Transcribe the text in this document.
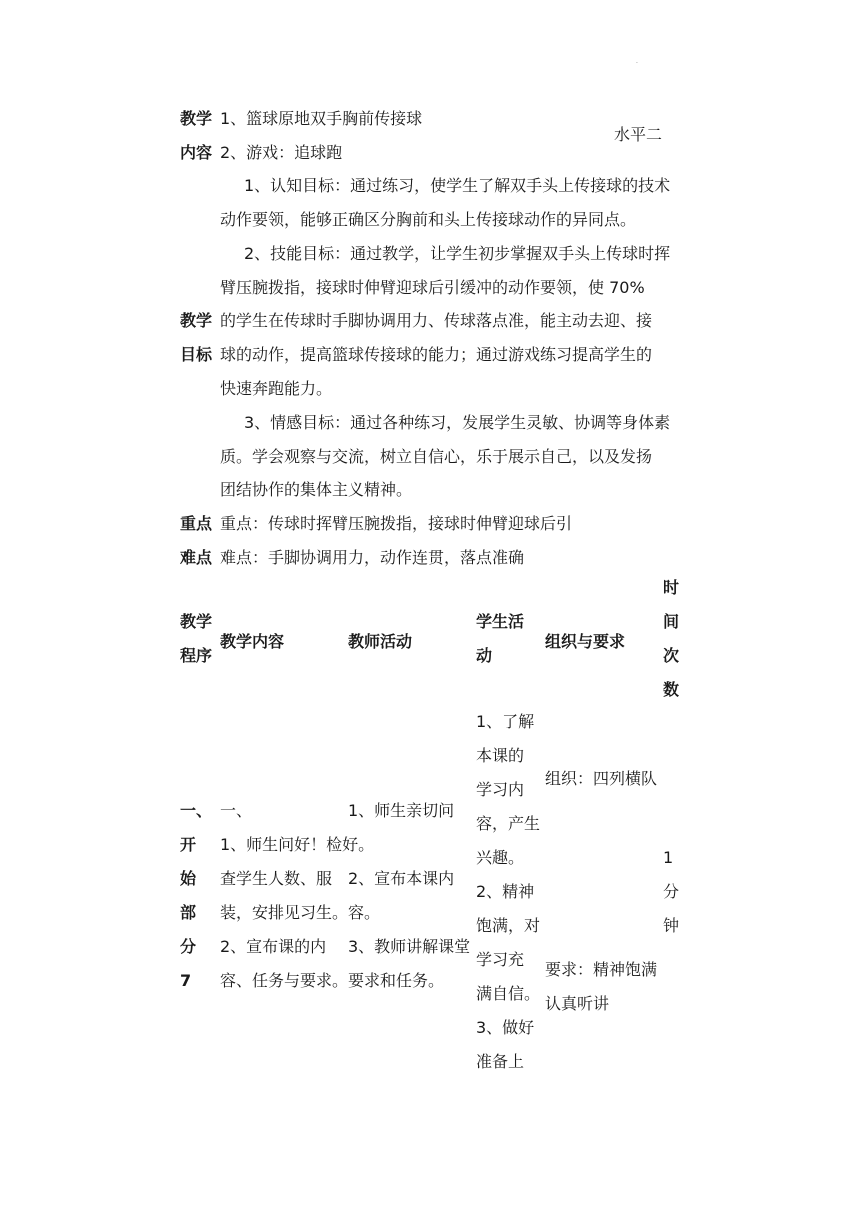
.
水平二
教学
内容
1、篮球原地双手胸前传接球
2、游戏：追球跑
教学
目标
1、认知目标：通过练习，使学生了解双手头上传接球的技术
动作要领，能够正确区分胸前和头上传接球动作的异同点。
2、技能目标：通过教学，让学生初步掌握双手头上传球时挥
臂压腕拨指，接球时伸臂迎球后引缓冲的动作要领，使 70%
的学生在传球时手脚协调用力、传球落点准，能主动去迎、接
球的动作，提高篮球传接球的能力；通过游戏练习提高学生的
快速奔跑能力。
3、情感目标：通过各种练习，发展学生灵敏、协调等身体素
质。学会观察与交流，树立自信心，乐于展示自己，以及发扬
团结协作的集体主义精神。
重点
难点
重点：传球时挥臂压腕拨指，接球时伸臂迎球后引
难点：手脚协调用力，动作连贯，落点准确
教学
程序
教学内容	教师活动
学生活
动
组织与要求
时
间
次
数
一、
开
始
部
分
7
一、
1、师生问好！检好。
查学生人数、服
装，安排见习生。
2、宣布课的内
容、任务与要求。
1、师生亲切问

2、宣布本课内
容。
3、教师讲解课堂
要求和任务。
1、了解
本课的
学习内
容，产生
兴趣。
2、精神
饱满，对
学习充
满自信。
3、做好
准备上
组织：四列横队
要求：精神饱满
认真听讲
1
分
钟
